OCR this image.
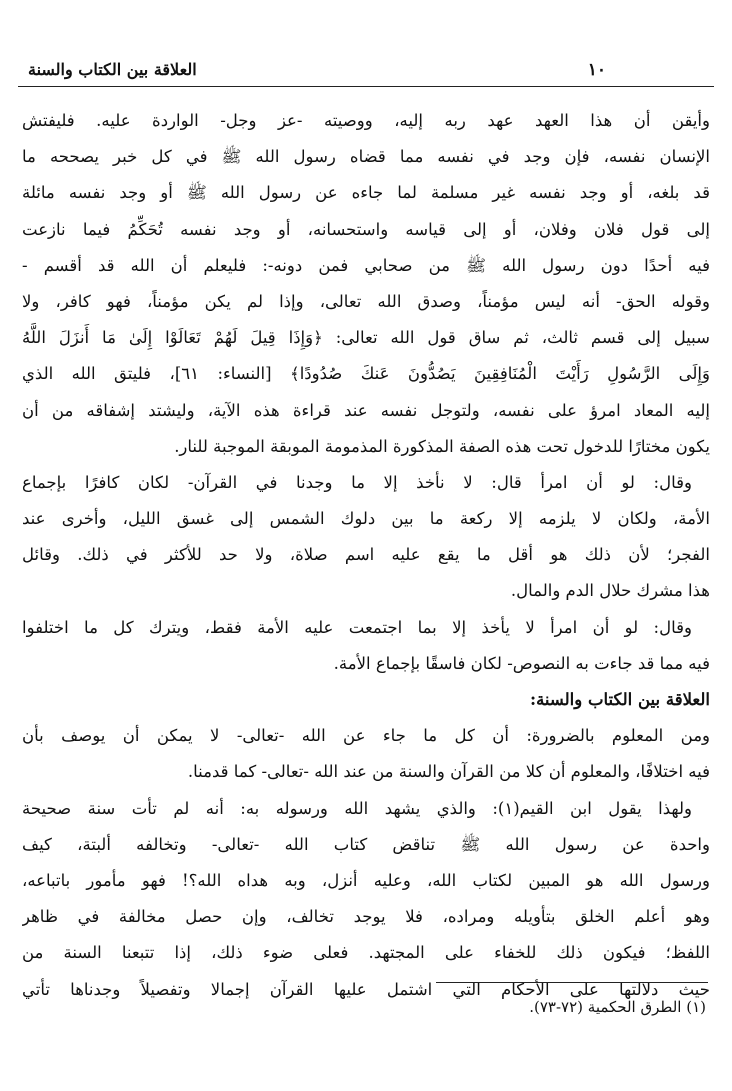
١٠
العلاقة بين الكتاب والسنة
وأيقن أن هذا العهد عهد ربه إليه، ووصيته -عز وجل- الواردة عليه. فليفتش
الإنسان نفسه، فإن وجد في نفسه مما قضاه رسول الله ﷺ في كل خبر يصححه ما
قد بلغه، أو وجد نفسه غير مسلمة لما جاءه عن رسول الله ﷺ أو وجد نفسه مائلة
إلى قول فلان وفلان، أو إلى قياسه واستحسانه، أو وجد نفسه تُحَكِّمُ فيما نازعت
فيه أحدًا دون رسول الله ﷺ من صحابي فمن دونه-: فليعلم أن الله قد أقسم -
وقوله الحق- أنه ليس مؤمناً، وصدق الله تعالى، وإذا لم يكن مؤمناً، فهو كافر، ولا
سبيل إلى قسم ثالث، ثم ساق قول الله تعالى: ﴿وَإِذَا قِيلَ لَهُمْ تَعَالَوْا إِلَىٰ مَا أَنزَلَ اللَّهُ
وَإِلَى الرَّسُولِ رَأَيْتَ الْمُنَافِقِينَ يَصُدُّونَ عَنكَ صُدُودًا﴾ [النساء: ٦١]، فليتق الله الذي
إليه المعاد امرؤ على نفسه، ولتوجل نفسه عند قراءة هذه الآية، وليشتد إشفاقه من أن
يكون مختارًا للدخول تحت هذه الصفة المذكورة المذمومة الموبقة الموجبة للنار.
وقال: لو أن امرأ قال: لا نأخذ إلا ما وجدنا في القرآن- لكان كافرًا بإجماع
الأمة، ولكان لا يلزمه إلا ركعة ما بين دلوك الشمس إلى غسق الليل، وأخرى عند
الفجر؛ لأن ذلك هو أقل ما يقع عليه اسم صلاة، ولا حد للأكثر في ذلك. وقائل
هذا مشرك حلال الدم والمال.
وقال: لو أن امرأ لا يأخذ إلا بما اجتمعت عليه الأمة فقط، ويترك كل ما اختلفوا
فيه مما قد جاءت به النصوص- لكان فاسقًا بإجماع الأمة.
العلاقة بين الكتاب والسنة:
ومن المعلوم بالضرورة: أن كل ما جاء عن الله -تعالى- لا يمكن أن يوصف بأن
فيه اختلافًا، والمعلوم أن كلا من القرآن والسنة من عند الله -تعالى- كما قدمنا.
ولهذا يقول ابن القيم(١): والذي يشهد الله ورسوله به: أنه لم تأت سنة صحيحة
واحدة عن رسول الله ﷺ تناقض كتاب الله -تعالى- وتخالفه ألبتة، كيف
ورسول الله هو المبين لكتاب الله، وعليه أنزل، وبه هداه الله؟! فهو مأمور باتباعه،
وهو أعلم الخلق بتأويله ومراده، فلا يوجد تخالف، وإن حصل مخالفة في ظاهر
اللفظ؛ فيكون ذلك للخفاء على المجتهد. فعلى ضوء ذلك، إذا تتبعنا السنة من
حيث دلالتها على الأحكام التي اشتمل عليها القرآن إجمالا وتفصيلاً وجدناها تأتي
(١) الطرق الحكمية (٧٢-٧٣).
